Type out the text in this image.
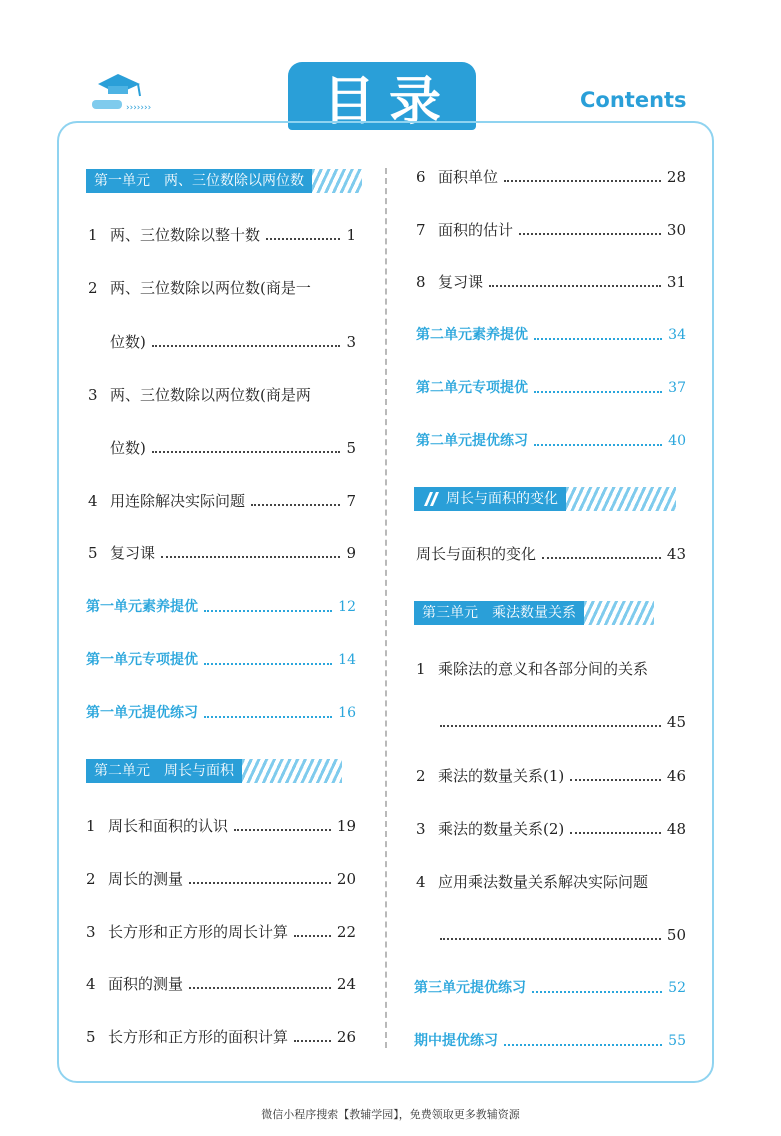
›››››››	目录	Contents
第一单元　两、三位数除以两位数
1 两、三位数除以整十数	1
2 两、三位数除以两位数(商是一
位数)	3
3 两、三位数除以两位数(商是两
位数)	5
4 用连除解决实际问题	7
5 复习课	9
第一单元素养提优	12
第一单元专项提优	14
第一单元提优练习	16
第二单元　周长与面积
1 周长和面积的认识	19
2 周长的测量	20
3 长方形和正方形的周长计算	22
4 面积的测量	24
5 长方形和正方形的面积计算	26
6 面积单位	28
7 面积的估计	30
8 复习课	31
第二单元素养提优	34
第二单元专项提优	37
第二单元提优练习	40
周长与面积的变化
周长与面积的变化	43
第三单元　乘法数量关系
1 乘除法的意义和各部分间的关系
45
2 乘法的数量关系(1)	46
3 乘法的数量关系(2)	48
4 应用乘法数量关系解决实际问题
50
第三单元提优练习	52
期中提优练习	55
微信小程序搜索【教辅学园】，免费领取更多教辅资源
